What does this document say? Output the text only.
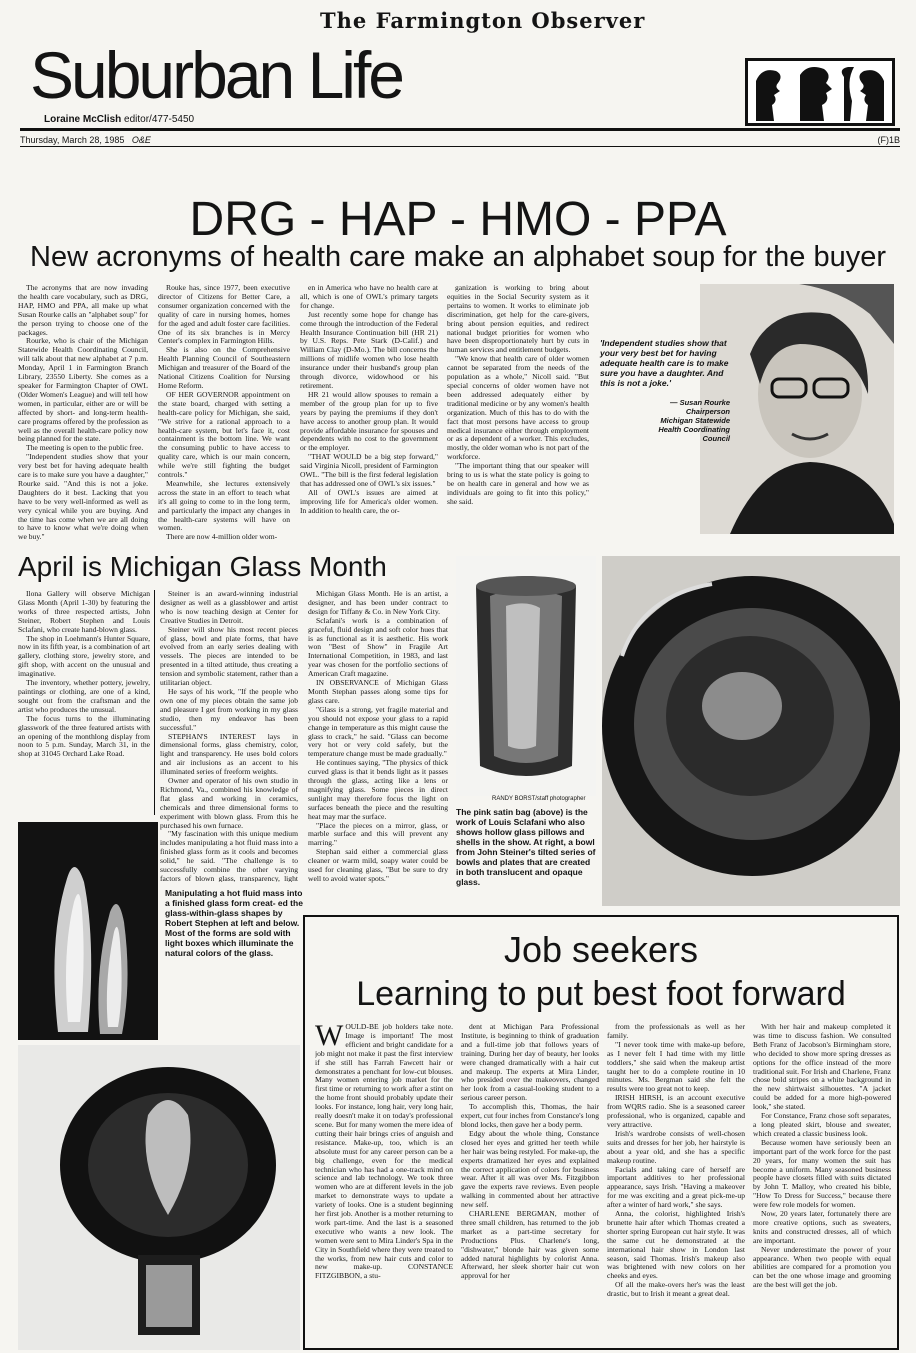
The Farmington Observer
Suburban Life
Loraine McClish editor/477-5450
Thursday, March 28, 1985 O&E	(F)1B
DRG - HAP - HMO - PPA
New acronyms of health care make an alphabet soup for the buyer

The acronyms that are now invading the health care vocabulary, such as DRG, HAP, HMO and PPA, all make up what Susan Rourke calls an "alphabet soup" for the person trying to choose one of the packages.

Rourke, who is chair of the Michigan Statewide Health Coordinating Council, will talk about that new alphabet at 7 p.m. Monday, April 1 in Farmington Branch Library, 23550 Liberty. She comes as a speaker for Farmington Chapter of OWL (Older Women's League) and will tell how women, in particular, either are or will be affected by short- and long-term health-care programs offered by the profession as well as the overall health-care policy now being planned for the state.

The meeting is open to the public free.

"Independent studies show that your very best bet for having adequate health care is to make sure you have a daughter," Rourke said. "And this is not a joke. Daughters do it best. Lacking that you have to be very well-informed as well as very cynical while you are buying. And the time has come when we are all doing to have to know what we're doing when we buy."

Rouke has, since 1977, been executive director of Citizens for Better Care, a consumer organization concerned with the quality of care in nursing homes, homes for the aged and adult foster care facilities. One of its six branches is in Mercy Center's complex in Farmington Hills.

She is also on the Comprehensive Health Planning Council of Southeastern Michigan and treasurer of the Board of the National Citizens Coalition for Nursing Home Reform.

OF HER GOVERNOR appointment on the state board, charged with setting a health-care policy for Michigan, she said, "We strive for a rational approach to a health-care system, but let's face it, cost containment is the bottom line. We want the consuming public to have access to quality care, which is our main concern, while we're still fighting the budget controls."

Meanwhile, she lectures extensively across the state in an effort to teach what it's all going to come to in the long term, and particularly the impact any changes in the health-care systems will have on women.

There are now 4-million older wom-

en in America who have no health care at all, which is one of OWL's primary targets for change.

Just recently some hope for change has come through the introduction of the Federal Health Insurance Continuation bill (HR 21) by U.S. Reps. Pete Stark (D-Calif.) and William Clay (D-Mo.). The bill concerns the millions of midlife women who lose health insurance under their husband's group plan through divorce, widowhood or his retirement.

HR 21 would allow spouses to remain a member of the group plan for up to five years by paying the premiums if they don't have access to another group plan. It would provide affordable insurance for spouses and dependents with no cost to the government or the employer.

"THAT WOULD be a big step forward," said Virginia Nicoll, president of Farmington OWL. "The bill is the first federal legislation that has addressed one of OWL's six issues."

All of OWL's issues are aimed at improving life for America's older women. In addition to health care, the or-

ganization is working to bring about equities in the Social Security system as it pertains to women. It works to eliminate job discrimination, get help for the care-givers, bring about pension equities, and redirect national budget priorities for women who have been disproportionately hurt by cuts in human services and entitlement budgets.

"We know that health care of older women cannot be separated from the needs of the population as a whole," Nicoll said. "But special concerns of older women have not been addressed adequately either by traditional medicine or by any women's health organization. Much of this has to do with the fact that most persons have access to group medical insurance either through employment or as a dependent of a worker. This excludes, mostly, the older woman who is not part of the workforce.

"The important thing that our speaker will bring to us is what the state policy is going to be on health care in general and how we as individuals are going to fit into this policy," she said.

'Independent studies show that your very best bet for having adequate health care is to make sure you have a daughter. And this is not a joke.'
— Susan Rourke
Chairperson
Michigan Statewide
Health Coordinating
Council
April is Michigan Glass Month

Ilona Gallery will observe Michigan Glass Month (April 1-30) by featuring the works of three respected artists, John Steiner, Robert Stephen and Louis Sclafani, who create hand-blown glass.

The shop in Loehmann's Hunter Square, now in its fifth year, is a combination of art gallery, clothing store, jewelry store, and gift shop, with accent on the unusual and imaginative.

The inventory, whether pottery, jewelry, paintings or clothing, are one of a kind, sought out from the craftsman and the artist who produces the unusual.

The focus turns to the illuminating glasswork of the three featured artists with an opening of the monthlong display from noon to 5 p.m. Sunday, March 31, in the shop at 31045 Orchard Lake Road.

Steiner is an award-winning industrial designer as well as a glassblower and artist who is now teaching design at Center for Creative Studies in Detroit.

Steiner will show his most recent pieces of glass, bowl and plate forms, that have evolved from an early series dealing with vessels. The pieces are intended to be presented in a tilted attitude, thus creating a tension and symbolic statement, rather than a utilitarian object.

He says of his work, "If the people who own one of my pieces obtain the same job and pleasure I get from working in my glass studio, then my endeavor has been successful."

STEPHAN'S INTEREST lays in dimensional forms, glass chemistry, color, light and transparency. He uses bold colors and air inclusions as an accent to his illuminated series of freeform weights.

Owner and operator of his own studio in Richmond, Va., combined his knowledge of flat glass and working in ceramics, chemicals and three dimensional forms to experiment with blown glass. From this he purchased his own furnace.

"My fascination with this unique medium includes manipulating a hot fluid mass into a finished glass form as it cools and becomes solid," he said. "The challenge is to successfully combine the other varying factors of blown glass, transparency, light

Michigan Glass Month. He is an artist, a designer, and has been under contract to design for Tiffany & Co. in New York City.

Sclafani's work is a combination of graceful, fluid design and soft color hues that is as functional as it is aesthetic. His work won "Best of Show" in Fragile Art International Competition, in 1983, and last year was chosen for the portfolio sections of American Craft magazine.

IN OBSERVANCE of Michigan Glass Month Stephan passes along some tips for glass care.

"Glass is a strong, yet fragile material and you should not expose your glass to a rapid change in temperature as this might cause the glass to crack," he said. "Glass can become very hot or very cold safely, but the temperature change must be made gradually."

He continues saying, "The physics of thick curved glass is that it bends light as it passes through the glass, acting like a lens or magnifying glass. Some pieces in direct sunlight may therefore focus the light on surfaces beneath the piece and the resulting heat may mar the surface.

"Place the pieces on a mirror, glass, or marble surface and this will prevent any marring."

Stephan said either a commercial glass cleaner or warm mild, soapy water could be used for cleaning glass, "But be sure to dry well to avoid water spots."

Manipulating a hot fluid mass into a finished glass form creat- ed the glass-within-glass shapes by Robert Stephen at left and below. Most of the forms are sold with light boxes which illuminate the natural colors of the glass.
RANDY BORST/staff photographer
The pink satin bag (above) is the work of Louis Sclafani who also shows hollow glass pillows and shells in the show. At right, a bowl from John Steiner's tilted series of bowls and plates that are created in both translucent and opaque glass.
Job seekers
Learning to put best foot forward
WOULD-BE job holders take note. Image is important! The most efficient and bright candidate for a job might not make it past the first interview if she still has Farrah Fawcett hair or demonstrates a penchant for low-cut blouses. Many women entering job market for the first time or returning to work after a stint on the home front should probably update their looks. For instance, long hair, very long hair, really doesn't make it on today's professional scene. But for many women the mere idea of cutting their hair brings cries of anguish and resistance. Make-up, too, which is an absolute must for any career person can be a big challenge, even for the medical technician who has had a one-track mind on science and lab technology. We took three women who are at different levels in the job market to demonstrate ways to update a variety of looks. One is a student beginning her first job. Another is a mother returning to work part-time. And the last is a seasoned executive who wants a new look. The women were sent to Mira Linder's Spa in the City in Southfield where they were treated to the works, from new hair cuts and color to new make-up. CONSTANCE FITZGIBBON, a stu-

dent at Michigan Para Professional Institute, is beginning to think of graduation and a full-time job that follows years of training. During her day of beauty, her looks were changed dramatically with a hair cut and makeup. The experts at Mira Linder, who presided over the makeovers, changed her look from a casual-looking student to a serious career person.

To accomplish this, Thomas, the hair expert, cut four inches from Constance's long blond locks, then gave her a body perm.

Edgy about the whole thing, Constance closed her eyes and gritted her teeth while her hair was being restyled. For make-up, the experts dramatized her eyes and explained the correct application of colors for business wear. After it all was over Ms. Fitzgibbon gave the experts rave reviews. Even people walking in commented about her attractive new self.

CHARLENE BERGMAN, mother of three small children, has returned to the job market as a part-time secretary for Productions Plus. Charlene's long, "dishwater," blonde hair was given some added natural highlights by colorist Anna. Afterward, her sleek shorter hair cut won approval for her

from the professionals as well as her family.

"I never took time with make-up before, as I never felt I had time with my little toddlers," she said when the makeup artist taught her to do a complete routine in 10 minutes. Ms. Bergman said she felt the results were too great not to keep.

IRISH HIRSH, is an account executive from WQRS radio. She is a seasoned career professional, who is organized, capable and very attractive.

Irish's wardrobe consists of well-chosen suits and dresses for her job, her hairstyle is about a year old, and she has a specific makeup routine.

Facials and taking care of herself are important additives to her professional appearance, says Irish. "Having a makeover for me was exciting and a great pick-me-up after a winter of hard work," she says.

Anna, the colorist, highlighted Irish's brunette hair after which Thomas created a shorter spring European cut hair style. It was the same cut he demonstrated at the international hair show in London last season, said Thomas. Irish's makeup also was brightened with new colors on her cheeks and eyes.

Of all the make-overs her's was the least drastic, but to Irish it meant a great deal.

With her hair and makeup completed it was time to discuss fashion. We consulted Beth Franz of Jacobson's Birmingham store, who decided to show more spring dresses as options for the office instead of the more traditional suit. For Irish and Charlene, Franz chose bold stripes on a white background in the new shirtwaist silhouettes. "A jacket could be added for a more high-powered look," she stated.

For Constance, Franz chose soft separates, a long pleated skirt, blouse and sweater, which created a classic business look.

Because women have seriously been an important part of the work force for the past 20 years, for many women the suit has become a uniform. Many seasoned business people have closets filled with suits dictated by John T. Malloy, who created his bible, "How To Dress for Success," because there were few role models for women.

Now, 20 years later, fortunately there are more creative options, such as sweaters, knits and constructed dresses, all of which are important.

Never underestimate the power of your appearance. When two people with equal abilities are compared for a promotion you can bet the one whose image and grooming are the best will get the job.
